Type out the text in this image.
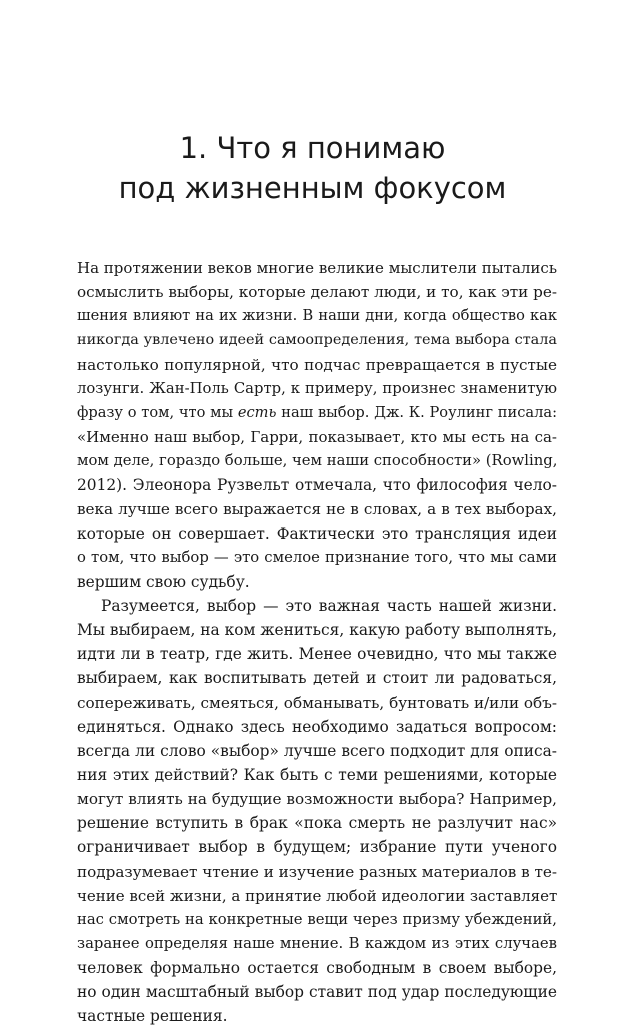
1. Что я понимаю
под жизненным фокусом
На протяжении веков многие великие мыслители пытались
осмыслить выборы, которые делают люди, и то, как эти ре-
шения влияют на их жизни. В наши дни, когда общество как
никогда увлечено идеей самоопределения, тема выбора стала
настолько популярной, что подчас превращается в пустые
лозунги. Жан-Поль Сартр, к примеру, произнес знаменитую
фразу о том, что мы есть наш выбор. Дж. К. Роулинг писала:
«Именно наш выбор, Гарри, показывает, кто мы есть на са-
мом деле, гораздо больше, чем наши способности» (Rowling,
2012). Элеонора Рузвельт отмечала, что философия чело-
века лучше всего выражается не в словах, а в тех выборах,
которые он совершает. Фактически это трансляция идеи
о том, что выбор — это смелое признание того, что мы сами
вершим свою судьбу.
Разумеется, выбор — это важная часть нашей жизни.
Мы выбираем, на ком жениться, какую работу выполнять,
идти ли в театр, где жить. Менее очевидно, что мы также
выбираем, как воспитывать детей и стоит ли радоваться,
сопереживать, смеяться, обманывать, бунтовать и/или объ-
единяться. Однако здесь необходимо задаться вопросом:
всегда ли слово «выбор» лучше всего подходит для описа-
ния этих действий? Как быть с теми решениями, которые
могут влиять на будущие возможности выбора? Например,
решение вступить в брак «пока смерть не разлучит нас»
ограничивает выбор в будущем; избрание пути ученого
подразумевает чтение и изучение разных материалов в те-
чение всей жизни, а принятие любой идеологии заставляет
нас смотреть на конкретные вещи через призму убеждений,
заранее определяя наше мнение. В каждом из этих случаев
человек формально остается свободным в своем выборе,
но один масштабный выбор ставит под удар последующие
частные решения.
